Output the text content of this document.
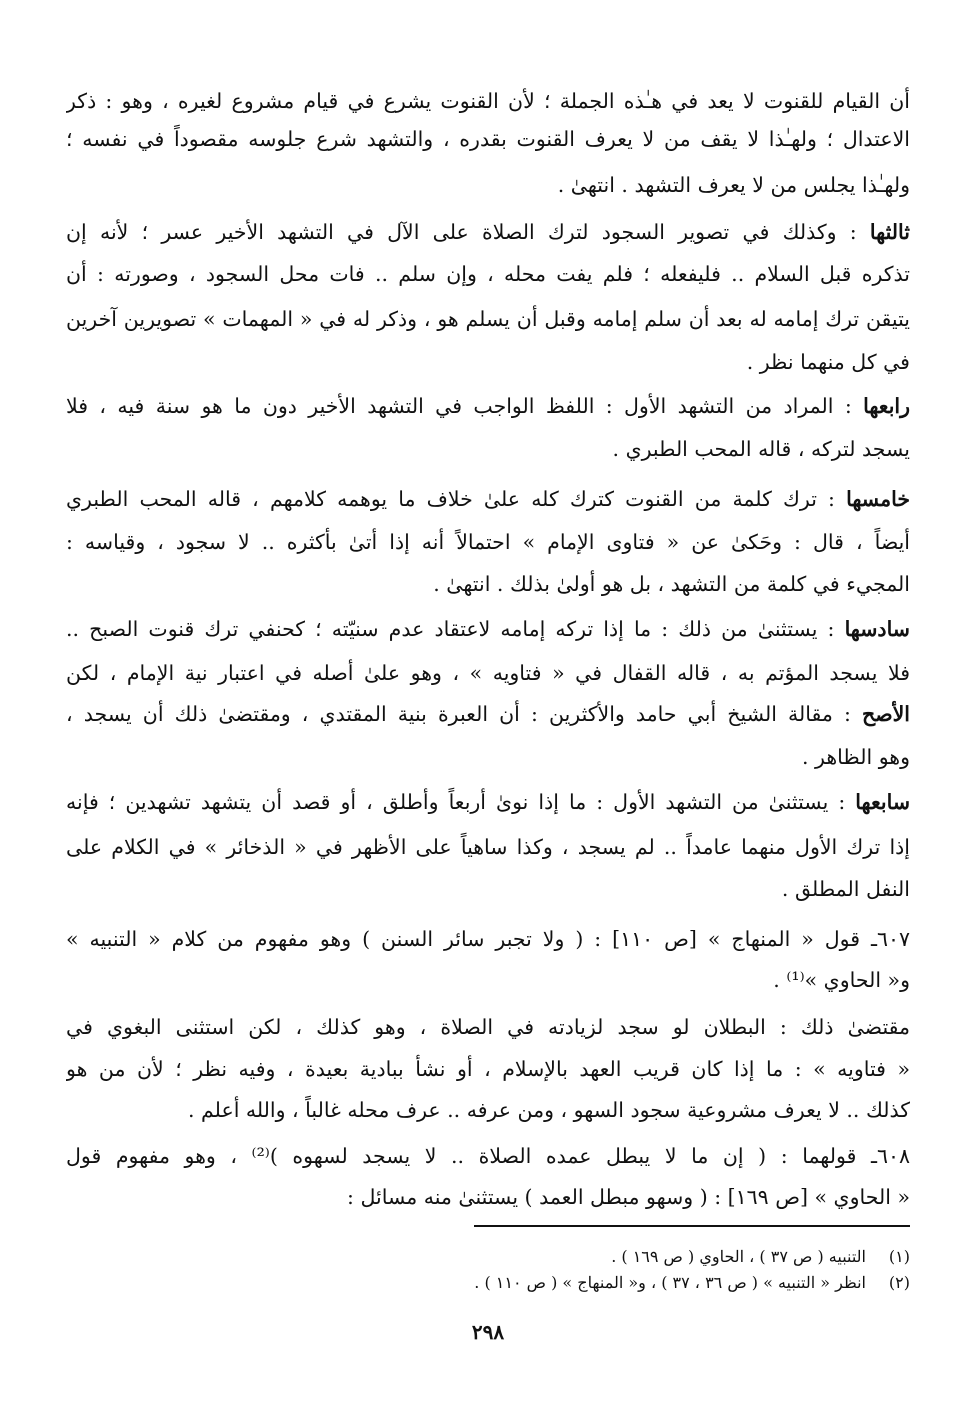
أن القيام للقنوت لا يعد في هـٰذه الجملة ؛ لأن القنوت يشرع في قيام مشروع لغيره ، وهو : ذكر
الاعتدال ؛ ولهـٰذا لا يقف من لا يعرف القنوت بقدره ، والتشهد شرع جلوسه مقصوداً في نفسه ؛
ولهـٰذا يجلس من لا يعرف التشهد . انتهىٰ .
ثالثها : وكذلك في تصوير السجود لترك الصلاة على الآل في التشهد الأخير عسر ؛ لأنه إن
تذكره قبل السلام .. فليفعله ؛ فلم يفت محله ، وإن سلم .. فات محل السجود ، وصورته : أن
يتيقن ترك إمامه له بعد أن سلم إمامه وقبل أن يسلم هو ، وذكر له في « المهمات » تصويرين آخرين
في كل منهما نظر .
رابعها : المراد من التشهد الأول : اللفظ الواجب في التشهد الأخير دون ما هو سنة فيه ، فلا
يسجد لتركه ، قاله المحب الطبري .
خامسها : ترك كلمة من القنوت كترك كله علىٰ خلاف ما يوهمه كلامهم ، قاله المحب الطبري
أيضاً ، قال : وحَكىٰ عن « فتاوى الإمام » احتمالاً أنه إذا أتىٰ بأكثره .. لا سجود ، وقياسه :
المجيء في كلمة من التشهد ، بل هو أولىٰ بذلك . انتهىٰ .
سادسها : يستثنىٰ من ذلك : ما إذا تركه إمامه لاعتقاد عدم سنيّته ؛ كحنفي ترك قنوت الصبح ..
فلا يسجد المؤتم به ، قاله القفال في « فتاويه » ، وهو علىٰ أصله في اعتبار نية الإمام ، لكن
الأصح : مقالة الشيخ أبي حامد والأكثرين : أن العبرة بنية المقتدي ، ومقتضىٰ ذلك أن يسجد ،
وهو الظاهر .
سابعها : يستثنىٰ من التشهد الأول : ما إذا نوىٰ أربعاً وأطلق ، أو قصد أن يتشهد تشهدين ؛ فإنه
إذا ترك الأول منهما عامداً .. لم يسجد ، وكذا ساهياً على الأظهر في « الذخائر » في الكلام على
النفل المطلق .
٦٠٧ـ قول « المنهاج » [ص ١١٠] : ( ولا تجبر سائر السنن ) وهو مفهوم من كلام « التنبيه »
و« الحاوي »⁽¹⁾ .
مقتضىٰ ذلك : البطلان لو سجد لزيادته في الصلاة ، وهو كذلك ، لكن استثنى البغوي في
« فتاويه » : ما إذا كان قريب العهد بالإسلام ، أو نشأ ببادية بعيدة ، وفيه نظر ؛ لأن من هو
كذلك .. لا يعرف مشروعية سجود السهو ، ومن عرفه .. عرف محله غالباً ، والله أعلم .
٦٠٨ـ قولهما : ( إن ما لا يبطل عمده الصلاة .. لا يسجد لسهوه )⁽²⁾ ، وهو مفهوم قول
« الحاوي » [ص ١٦٩] : ( وسهو مبطل العمد ) يستثنىٰ منه مسائل :
(١)التنبيه ( ص ٣٧ ) ، الحاوي ( ص ١٦٩ ) .
(٢)انظر « التنبيه » ( ص ٣٦ ، ٣٧ ) ، و« المنهاج » ( ص ١١٠ ) .
٢٩٨
